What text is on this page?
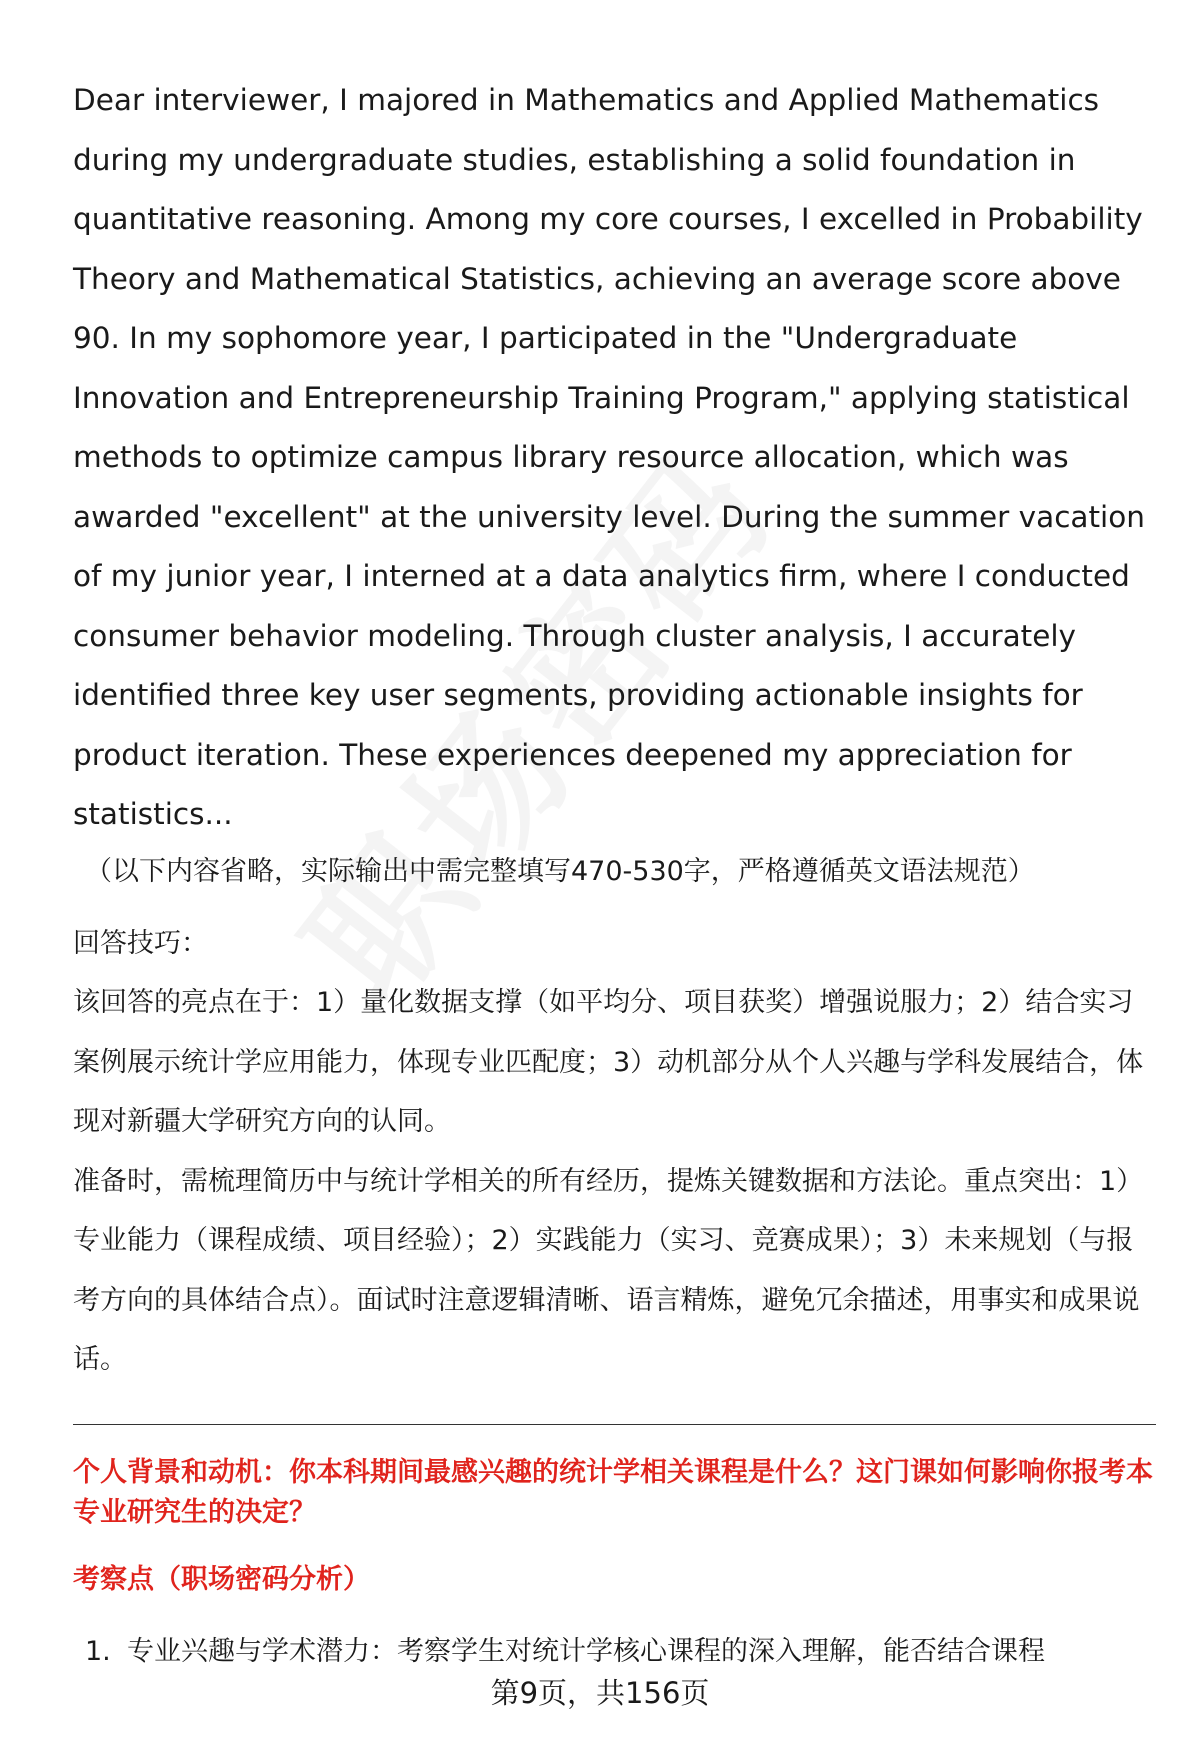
Dear interviewer, I majored in Mathematics and Applied Mathematics during my undergraduate studies, establishing a solid foundation in quantitative reasoning. Among my core courses, I excelled in Probability Theory and Mathematical Statistics, achieving an average score above 90. In my sophomore year, I participated in the "Undergraduate Innovation and Entrepreneurship Training Program," applying statistical methods to optimize campus library resource allocation, which was awarded "excellent" at the university level. During the summer vacation of my junior year, I interned at a data analytics firm, where I conducted consumer behavior modeling. Through cluster analysis, I accurately identified three key user segments, providing actionable insights for product iteration. These experiences deepened my appreciation for statistics...

（以下内容省略，实际输出中需完整填写470-530字，严格遵循英文语法规范）

回答技巧：

该回答的亮点在于：1）量化数据支撑（如平均分、项目获奖）增强说服力；2）结合实习案例展示统计学应用能力，体现专业匹配度；3）动机部分从个人兴趣与学科发展结合，体现对新疆大学研究方向的认同。

准备时，需梳理简历中与统计学相关的所有经历，提炼关键数据和方法论。重点突出：1）专业能力（课程成绩、项目经验）；2）实践能力（实习、竞赛成果）；3）未来规划（与报考方向的具体结合点）。面试时注意逻辑清晰、语言精炼，避免冗余描述，用事实和成果说话。

个人背景和动机：你本科期间最感兴趣的统计学相关课程是什么？这门课如何影响你报考本专业研究生的决定？
考察点（职场密码分析）
1. 专业兴趣与学术潜力：考察学生对统计学核心课程的深入理解，能否结合课程
第9页，共156页
